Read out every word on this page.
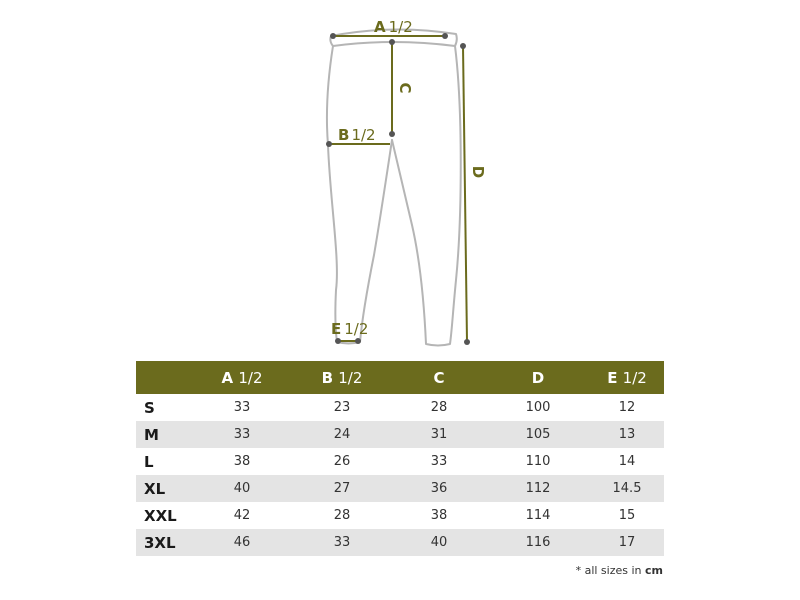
A 1/2
B 1/2
C
D
E 1/2
	A 1/2	B 1/2	C	D	E 1/2
S	33	23	28	100	12
M	33	24	31	105	13
L	38	26	33	110	14
XL	40	27	36	112	14.5
XXL	42	28	38	114	15
3XL	46	33	40	116	17
* all sizes in cm
